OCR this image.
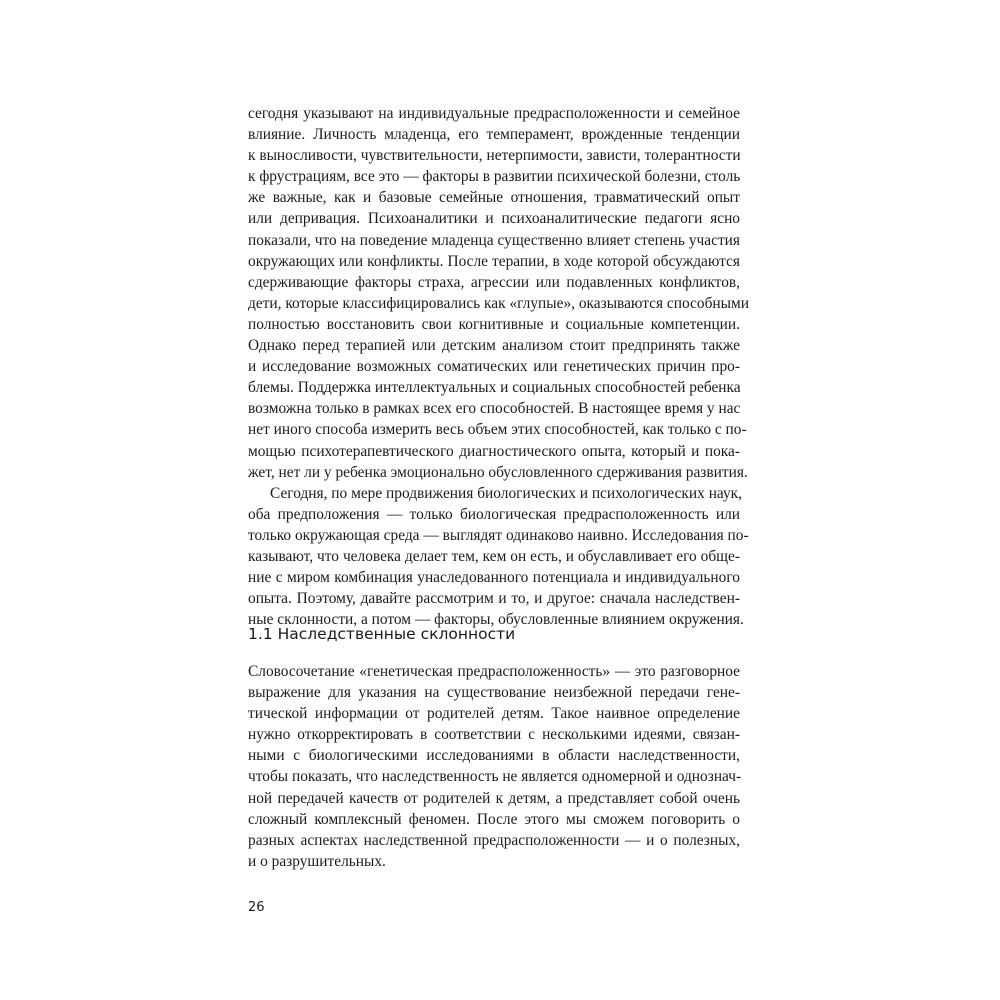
сегодня указывают на индивидуальные предрасположенности и семейное
влияние. Личность младенца, его темперамент, врожденные тенденции
к выносливости, чувствительности, нетерпимости, зависти, толерантности
к фрустрациям, все это — факторы в развитии психической болезни, столь
же важные, как и базовые семейные отношения, травматический опыт
или депривация. Психоаналитики и психоаналитические педагоги ясно
показали, что на поведение младенца существенно влияет степень участия
окружающих или конфликты. После терапии, в ходе которой обсуждаются
сдерживающие факторы страха, агрессии или подавленных конфликтов,
дети, которые классифицировались как «глупые», оказываются способными
полностью восстановить свои когнитивные и социальные компетенции.
Однако перед терапией или детским анализом стоит предпринять также
и исследование возможных соматических или генетических причин про-
блемы. Поддержка интеллектуальных и социальных способностей ребенка
возможна только в рамках всех его способностей. В настоящее время у нас
нет иного способа измерить весь объем этих способностей, как только с по-
мощью психотерапевтического диагностического опыта, который и пока-
жет, нет ли у ребенка эмоционально обусловленного сдерживания развития.
Сегодня, по мере продвижения биологических и психологических наук,
оба предположения — только биологическая предрасположенность или
только окружающая среда — выглядят одинаково наивно. Исследования по-
казывают, что человека делает тем, кем он есть, и обуславливает его обще-
ние с миром комбинация унаследованного потенциала и индивидуального
опыта. Поэтому, давайте рассмотрим и то, и другое: сначала наследствен-
ные склонности, а потом — факторы, обусловленные влиянием окружения.
1.1 Наследственные склонности
Словосочетание «генетическая предрасположенность» — это разговорное
выражение для указания на существование неизбежной передачи гене-
тической информации от родителей детям. Такое наивное определение
нужно откорректировать в соответствии с несколькими идеями, связан-
ными с биологическими исследованиями в области наследственности,
чтобы показать, что наследственность не является одномерной и однознач-
ной передачей качеств от родителей к детям, а представляет собой очень
сложный комплексный феномен. После этого мы сможем поговорить о
разных аспектах наследственной предрасположенности — и о полезных,
и о разрушительных.
26
